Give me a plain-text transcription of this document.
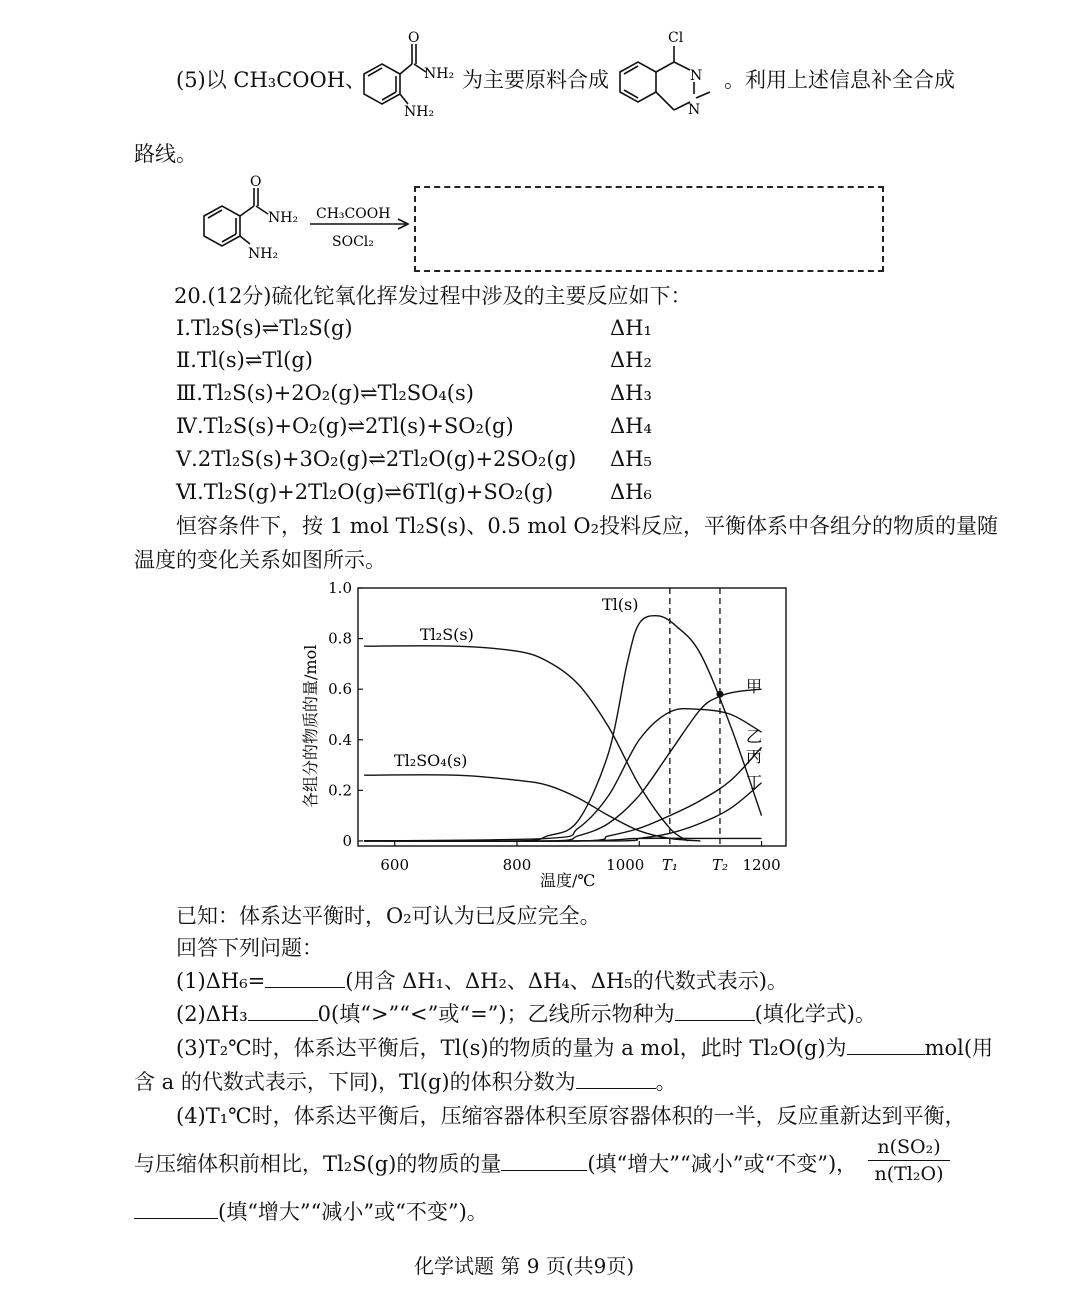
(5)以 CH₃COOH、
O
NH₂
NH₂
为主要原料合成
Cl
N
N
。利用上述信息补全合成
路线。
O
NH₂
NH₂
CH₃COOH
SOCl₂
20.(12分)硫化铊氧化挥发过程中涉及的主要反应如下：
Ⅰ.Tl₂S(s)⇌Tl₂S(g)	ΔH₁
Ⅱ.Tl(s)⇌Tl(g)	ΔH₂
Ⅲ.Tl₂S(s)+2O₂(g)⇌Tl₂SO₄(s)	ΔH₃
Ⅳ.Tl₂S(s)+O₂(g)⇌2Tl(s)+SO₂(g)	ΔH₄
Ⅴ.2Tl₂S(s)+3O₂(g)⇌2Tl₂O(g)+2SO₂(g) ΔH₅
Ⅵ.Tl₂S(g)+2Tl₂O(g)⇌6Tl(g)+SO₂(g)	ΔH₆
恒容条件下，按 1 mol Tl₂S(s)、0.5 mol O₂投料反应，平衡体系中各组分的物质的量随
温度的变化关系如图所示。
0
0.2
0.4
0.6
0.8
1.0
600	800	1000	1200
T₁ T₂
Tl₂S(s)
Tl₂SO₄(s)
Tl(s)
甲
乙
丙
丁
各组分的物质的量/mol
温度/℃
已知：体系达平衡时，O₂可认为已反应完全。
回答下列问题：
(1)ΔH₆=	(用含 ΔH₁、ΔH₂、ΔH₄、ΔH₅的代数式表示)。
(2)ΔH₃	0(填“>”“<”或“=”)；乙线所示物种为	(填化学式)。
(3)T₂℃时，体系达平衡后，Tl(s)的物质的量为 a mol，此时 Tl₂O(g)为	mol(用
含 a 的代数式表示，下同)，Tl(g)的体积分数为	。
(4)T₁℃时，体系达平衡后，压缩容器体积至原容器体积的一半，反应重新达到平衡，
与压缩体积前相比，Tl₂S(g)的物质的量	(填“增大”“减小”或“不变”)， $\frac{\text{n(SO₂)}}{\text{n(Tl₂O)}}$
(填“增大”“减小”或“不变”)。
化学试题 第 9 页(共9页)
